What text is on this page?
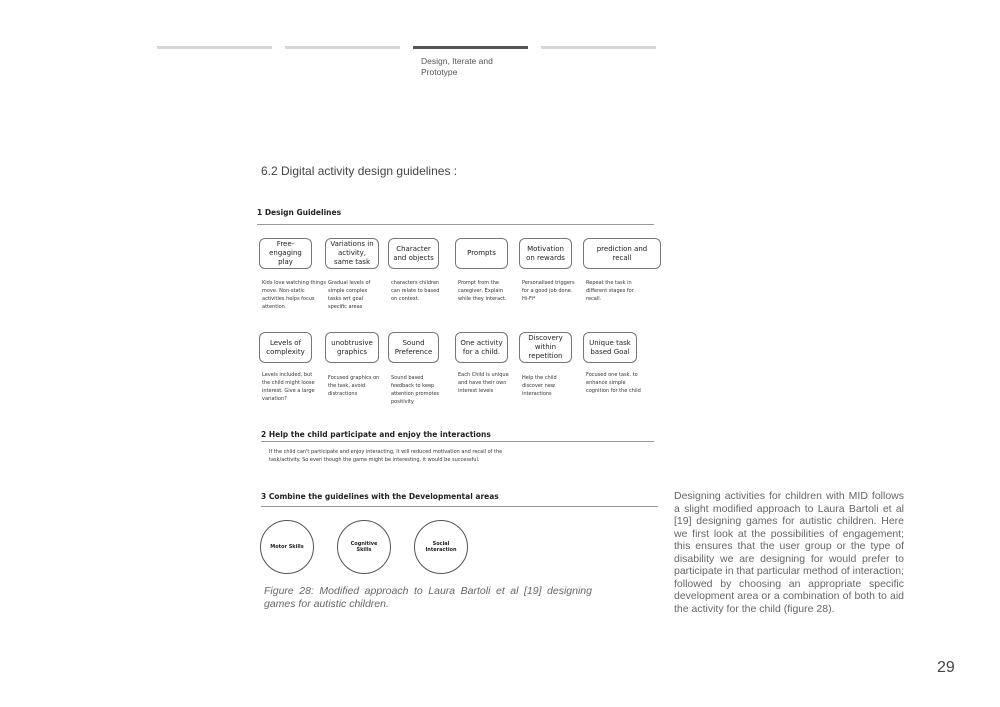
Design, Iterate and Prototype
6.2 Digital activity design guidelines :
1 Design Guidelines
Free- engaging play
Variations in activity, same task
Character and objects
Prompts
Motivation on rewards
prediction and recall
Kids love watching things move. Non-static activities helps focus attention
Gradual levels of simple complex tasks wrt goal specific areas
characters children can relate to based on context.
Prompt from the caregiver, Explain while they interact.
Personalised triggers for a good job done. Hi-Fi*
Repeat the task in different stages for recall.
Levels of complexity
unobtrusive graphics
Sound Preference
One activity for a child.
Discovery within repetition
Unique task based Goal
Levels included, but the child might loose interest. Give a large variation?
Focused graphics on the task, avoid distractions
Sound based feedback to keep attention promotes positivity
Each Child is unique and have their own interest levels
Help the child discover new interactions
Focused one task. to enhance simple cognition for the child
2 Help the child participate and enjoy the interactions
If the child can't participate and enjoy interacting, it will reduced motivation and recall of the task/activity. So even though the game might be interesting, it would be successful.
3 Combine the guidelines with the Developmental areas
Motor Skills	Cognitive Skills
Social Interaction
Figure 28: Modified approach to Laura Bartoli et al [19] designing games for autistic children.
Designing activities for children with MID follows a slight modified approach to Laura Bartoli et al [19] designing games for autistic children. Here we first look at the possibilities of engagement; this ensures that the user group or the type of disability we are designing for would prefer to participate in that particular method of interaction; followed by choosing an appropriate specific development area or a combination of both to aid the activity for the child (figure 28).
29
